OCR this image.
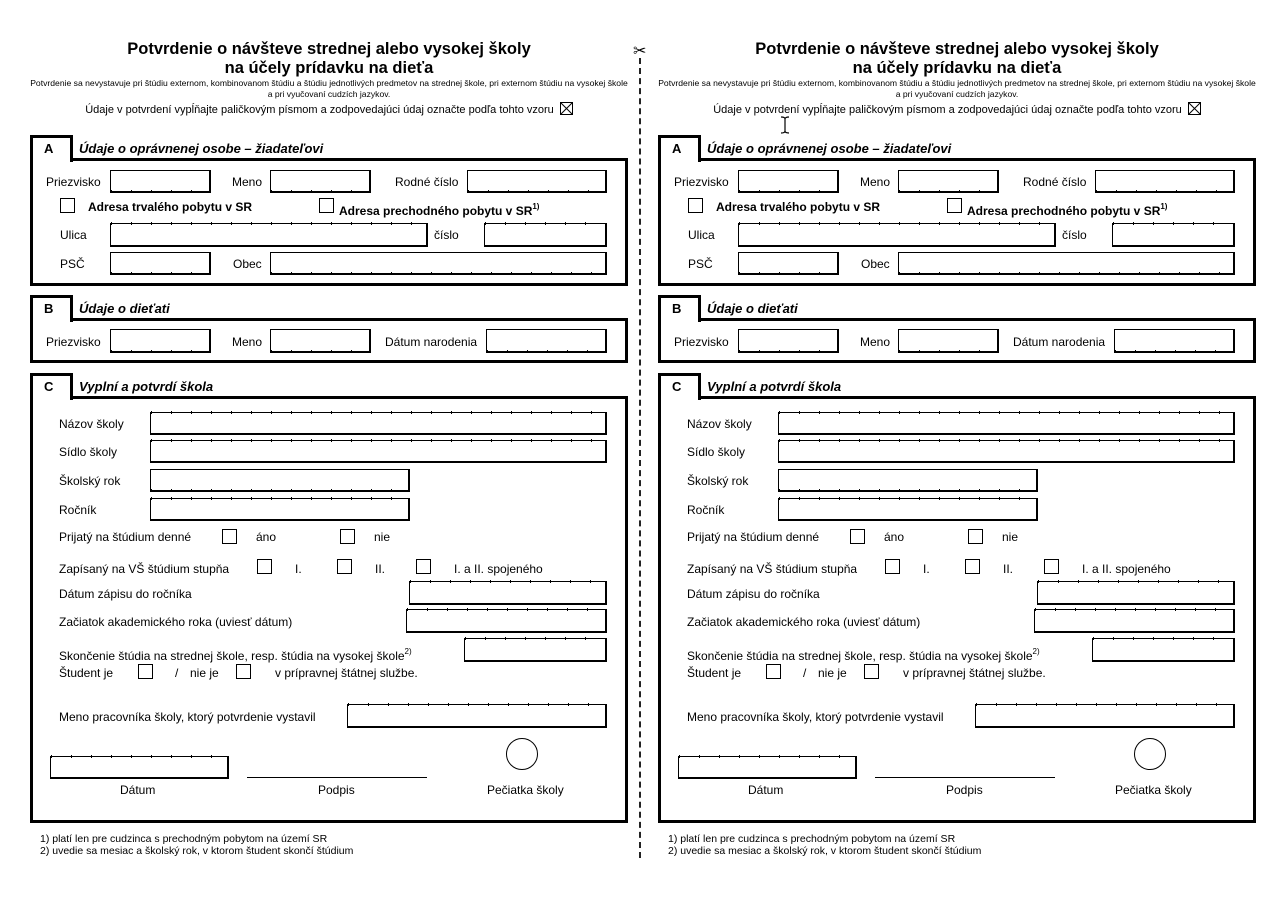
Potvrdenie o návšteve strednej alebo vysokej školy
na účely prídavku na dieťa
Potvrdenie sa nevystavuje pri štúdiu externom, kombinovanom štúdiu a štúdiu jednotlivých predmetov na strednej škole, pri externom štúdiu na vysokej škole a pri vyučovaní cudzích jazykov.
Údaje v potvrdení vypĺňajte paličkovým písmom a zodpovedajúci údaj označte podľa tohto vzoru
A Údaje o oprávnenej osobe – žiadateľovi
Priezvisko	Meno	Rodné číslo
Adresa trvalého pobytu v SR	Adresa prechodného pobytu v SR$^{1)}$
Ulica	číslo
PSČ	Obec
B Údaje o dieťati
Priezvisko	Meno	Dátum narodenia
C Vyplní a potvrdí škola
Názov školy
Sídlo školy
Školský rok
Ročník
Prijatý na štúdium denné	áno	nie
Zapísaný na VŠ štúdium stupňa	I.	II.	I. a II. spojeného
Dátum zápisu do ročníka
Začiatok akademického roka (uviesť dátum)
Skončenie štúdia na strednej škole, resp. štúdia na vysokej škole$^{2)}$
Študent je	/ nie je	v prípravnej štátnej službe.
Meno pracovníka školy, ktorý potvrdenie vystavil
Dátum	Podpis	Pečiatka školy
1) platí len pre cudzinca s prechodným pobytom na území SR
2) uvedie sa mesiac a školský rok, v ktorom študent skončí štúdium
✂	Potvrdenie o návšteve strednej alebo vysokej školy
na účely prídavku na dieťa
Potvrdenie sa nevystavuje pri štúdiu externom, kombinovanom štúdiu a štúdiu jednotlivých predmetov na strednej škole, pri externom štúdiu na vysokej škole a pri vyučovaní cudzích jazykov.
Údaje v potvrdení vypĺňajte paličkovým písmom a zodpovedajúci údaj označte podľa tohto vzoru
A Údaje o oprávnenej osobe – žiadateľovi
Priezvisko	Meno	Rodné číslo
Adresa trvalého pobytu v SR	Adresa prechodného pobytu v SR$^{1)}$
Ulica	číslo
PSČ	Obec
B Údaje o dieťati
Priezvisko	Meno	Dátum narodenia
C Vyplní a potvrdí škola
Názov školy
Sídlo školy
Školský rok
Ročník
Prijatý na štúdium denné	áno	nie
Zapísaný na VŠ štúdium stupňa	I.	II.	I. a II. spojeného
Dátum zápisu do ročníka
Začiatok akademického roka (uviesť dátum)
Skončenie štúdia na strednej škole, resp. štúdia na vysokej škole$^{2)}$
Študent je	/ nie je	v prípravnej štátnej službe.
Meno pracovníka školy, ktorý potvrdenie vystavil
Dátum	Podpis	Pečiatka školy
1) platí len pre cudzinca s prechodným pobytom na území SR
2) uvedie sa mesiac a školský rok, v ktorom študent skončí štúdium
